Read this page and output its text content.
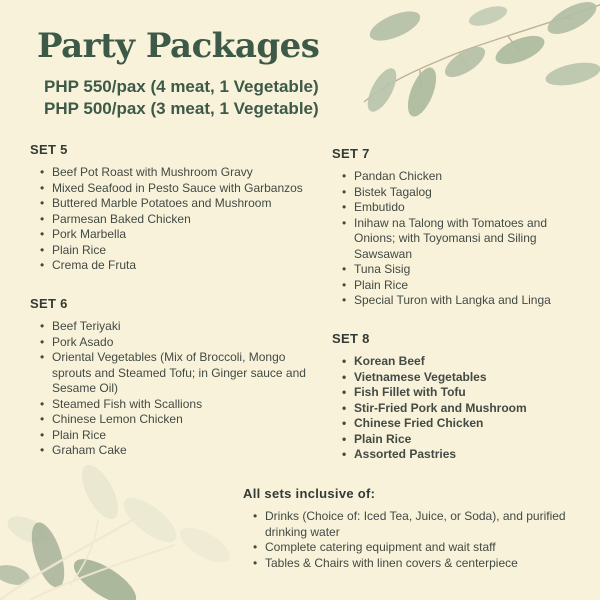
Party Packages
PHP 550/pax (4 meat, 1 Vegetable)
PHP 500/pax (3 meat, 1 Vegetable)
SET 5
• Beef Pot Roast with Mushroom Gravy
• Mixed Seafood in Pesto Sauce with Garbanzos
• Buttered Marble Potatoes and Mushroom
• Parmesan Baked Chicken
• Pork Marbella
• Plain Rice
• Crema de Fruta
SET 6
• Beef Teriyaki
• Pork Asado
• Oriental Vegetables (Mix of Broccoli, Mongo sprouts and Steamed Tofu; in Ginger sauce and Sesame Oil)
• Steamed Fish with Scallions
• Chinese Lemon Chicken
• Plain Rice
• Graham Cake
SET 7
• Pandan Chicken
• Bistek Tagalog
• Embutido
• Inihaw na Talong with Tomatoes and Onions; with Toyomansi and Siling Sawsawan
• Tuna Sisig
• Plain Rice
• Special Turon with Langka and Linga
SET 8
• Korean Beef
• Vietnamese Vegetables
• Fish Fillet with Tofu
• Stir-Fried Pork and Mushroom
• Chinese Fried Chicken
• Plain Rice
• Assorted Pastries
All sets inclusive of:
• Drinks (Choice of: Iced Tea, Juice, or Soda), and purified drinking water
• Complete catering equipment and wait staff
• Tables & Chairs with linen covers & centerpiece
